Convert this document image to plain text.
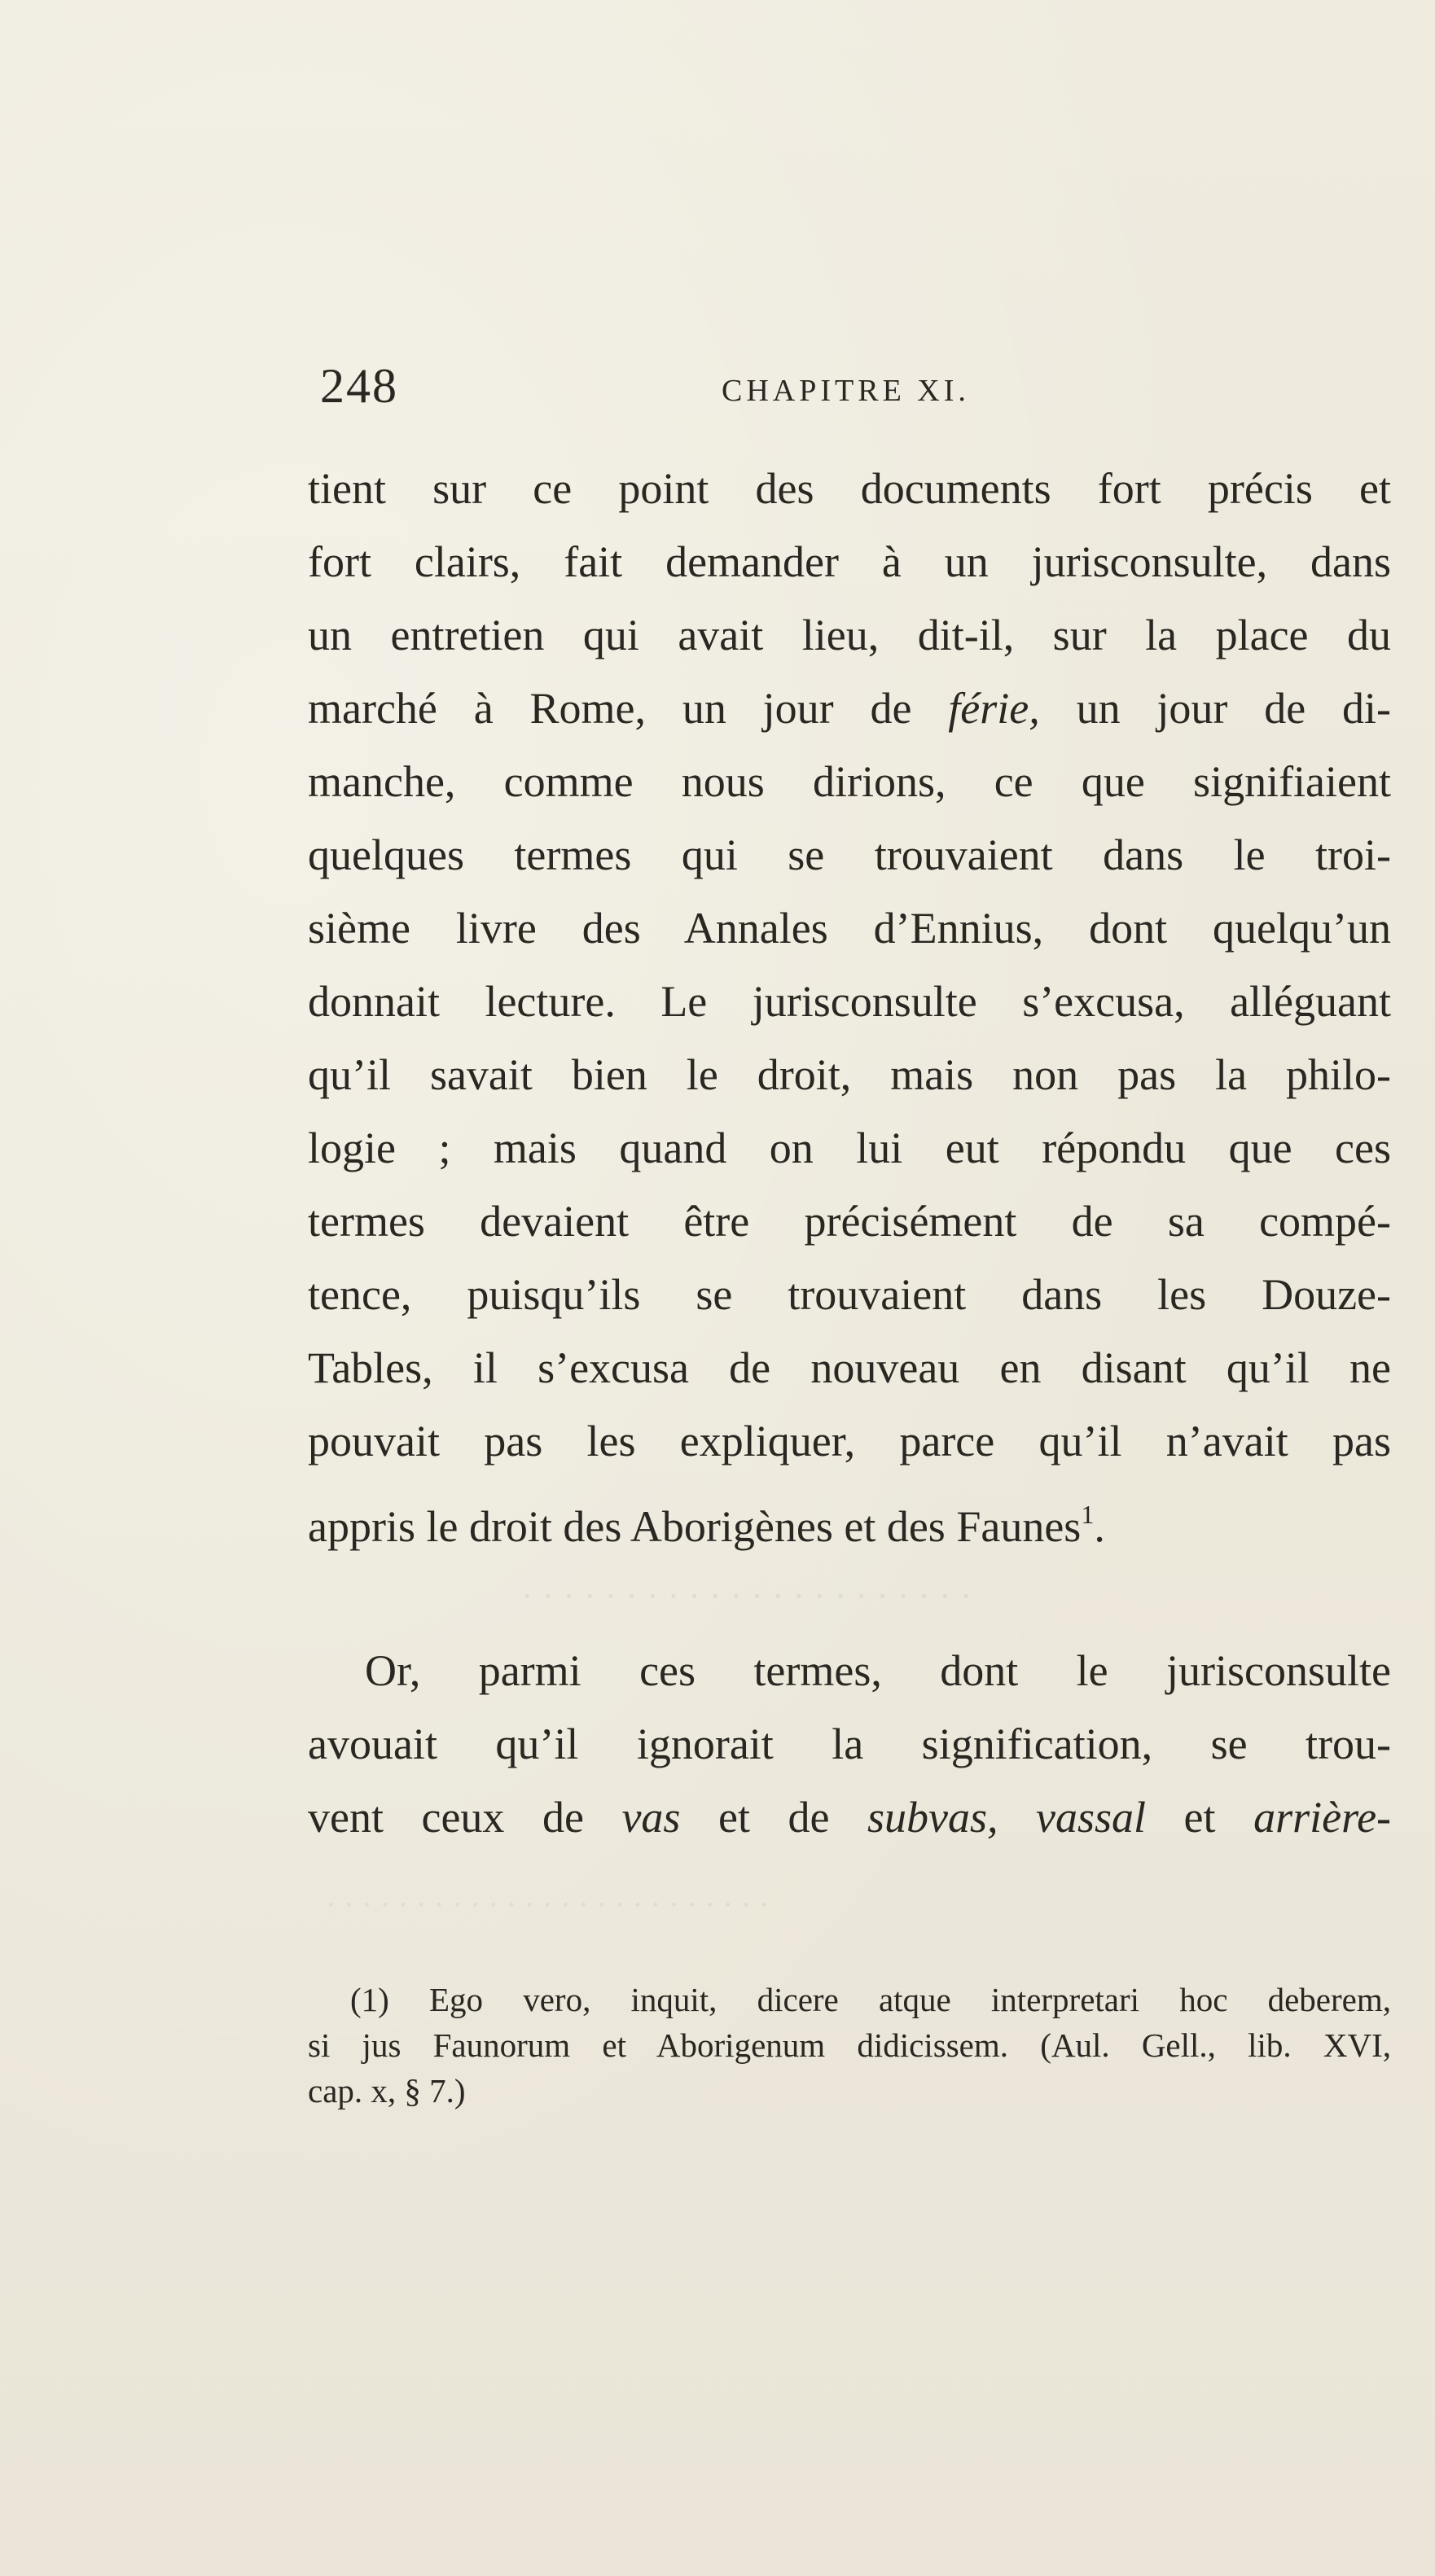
· · · · · · · · · · · · · · · · · · · · · ·
248	CHAPITRE XI.
tient sur ce point des documents fort précis et
fort clairs, fait demander à un jurisconsulte, dans
un entretien qui avait lieu, dit-il, sur la place du
marché à Rome, un jour de férie, un jour de di-
manche, comme nous dirions, ce que signifiaient
quelques termes qui se trouvaient dans le troi-
sième livre des Annales d’Ennius, dont quelqu’un
donnait lecture. Le jurisconsulte s’excusa, alléguant
qu’il savait bien le droit, mais non pas la philo-
logie ; mais quand on lui eut répondu que ces
termes devaient être précisément de sa compé-
tence, puisqu’ils se trouvaient dans les Douze-
Tables, il s’excusa de nouveau en disant qu’il ne
pouvait pas les expliquer, parce qu’il n’avait pas
appris le droit des Aborigènes et des Faunes$^1$.
Or, parmi ces termes, dont le jurisconsulte
avouait qu’il ignorait la signification, se trou-
vent ceux de vas et de subvas, vassal et arrière-
· · · · · · · · · · · · · · · · · · · · · · · · ·
(1) Ego vero, inquit, dicere atque interpretari hoc deberem,
si jus Faunorum et Aborigenum didicissem. (Aul. Gell., lib. XVI,
cap. x, § 7.)
